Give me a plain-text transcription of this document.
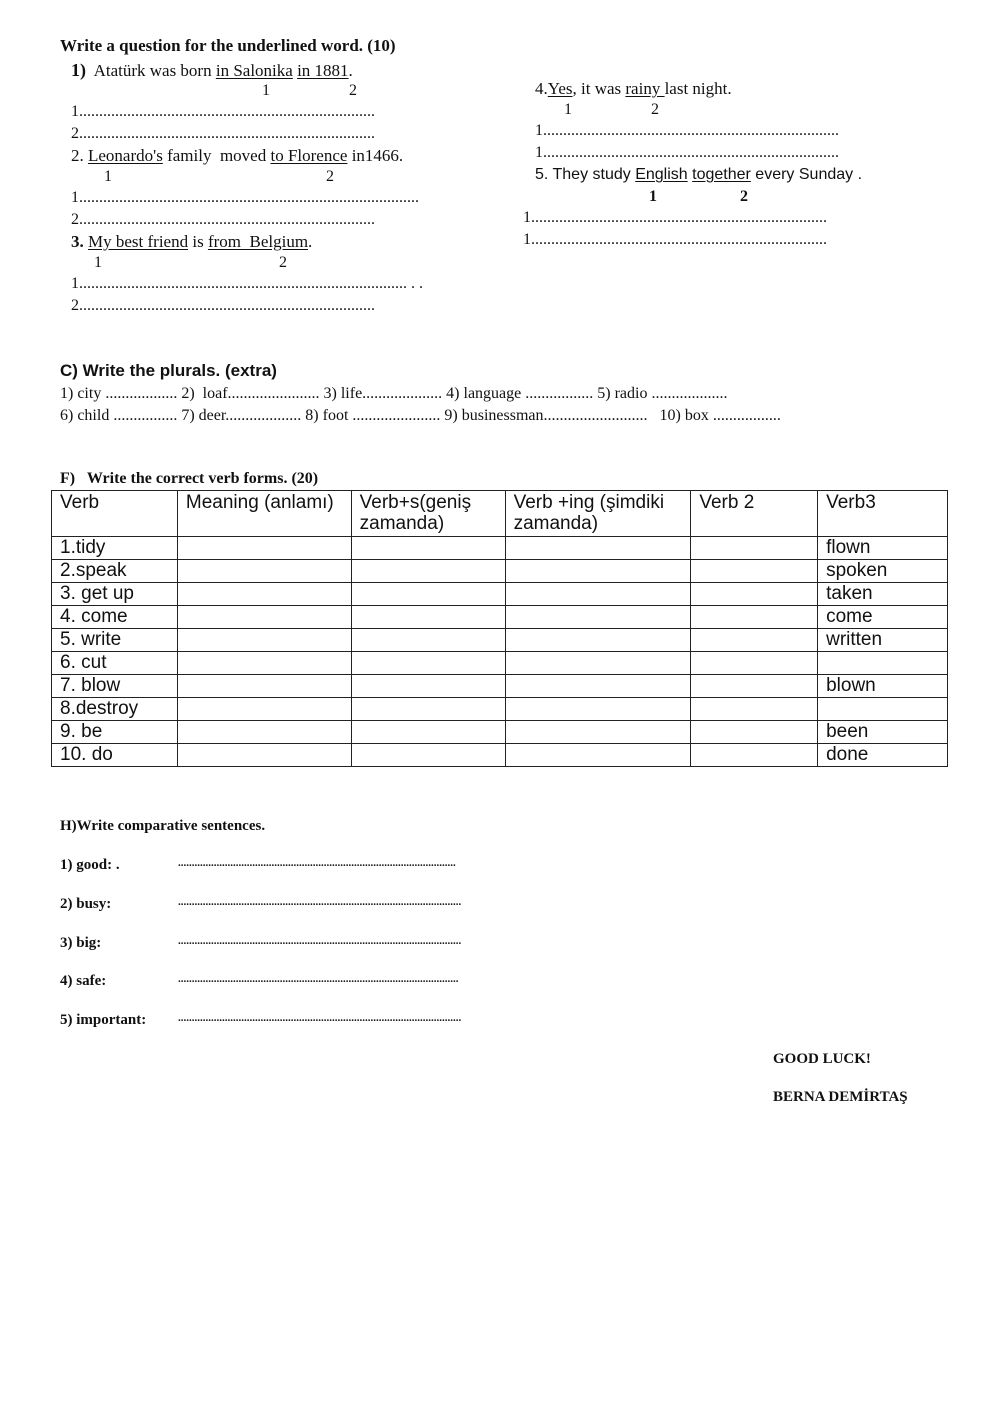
Write a question for the underlined word. (10)
1) Atatürk was born in Salonika in 1881.
1	2
1..........................................................................
2..........................................................................
2. Leonardo's family  moved to Florence in1466.
1	2
1.....................................................................................
2..........................................................................
3. My best friend is from  Belgium.
1	2
1.................................................................................. . .
2..........................................................................
4.Yes, it was rainy last night.
1	2
1..........................................................................
1..........................................................................
5. They study English together every Sunday .
1	2
1..........................................................................
1..........................................................................
C) Write the plurals. (extra)
1) city .................. 2)  loaf....................... 3) life.................... 4) language ................. 5) radio ...................
6) child ................ 7) deer................... 8) foot ...................... 9) businessman..........................   10) box .................
F)   Write the correct verb forms. (20)
Verb	Meaning (anlamı)	Verb+s(geniş zamanda)	Verb +ing (şimdiki zamanda)	Verb 2	Verb3
1.tidy					flown
2.speak					spoken
3. get up					taken
4. come					come
5. write					written
6. cut					
7. blow					blown
8.destroy					
9. be					been
10. do					done
H)Write comparative sentences.
1) good: .	.....................................................................................................
2) busy:	.......................................................................................................
3) big:	.......................................................................................................
4) safe:	......................................................................................................
5) important:	.......................................................................................................
GOOD LUCK!
BERNA DEMİRTAŞ
